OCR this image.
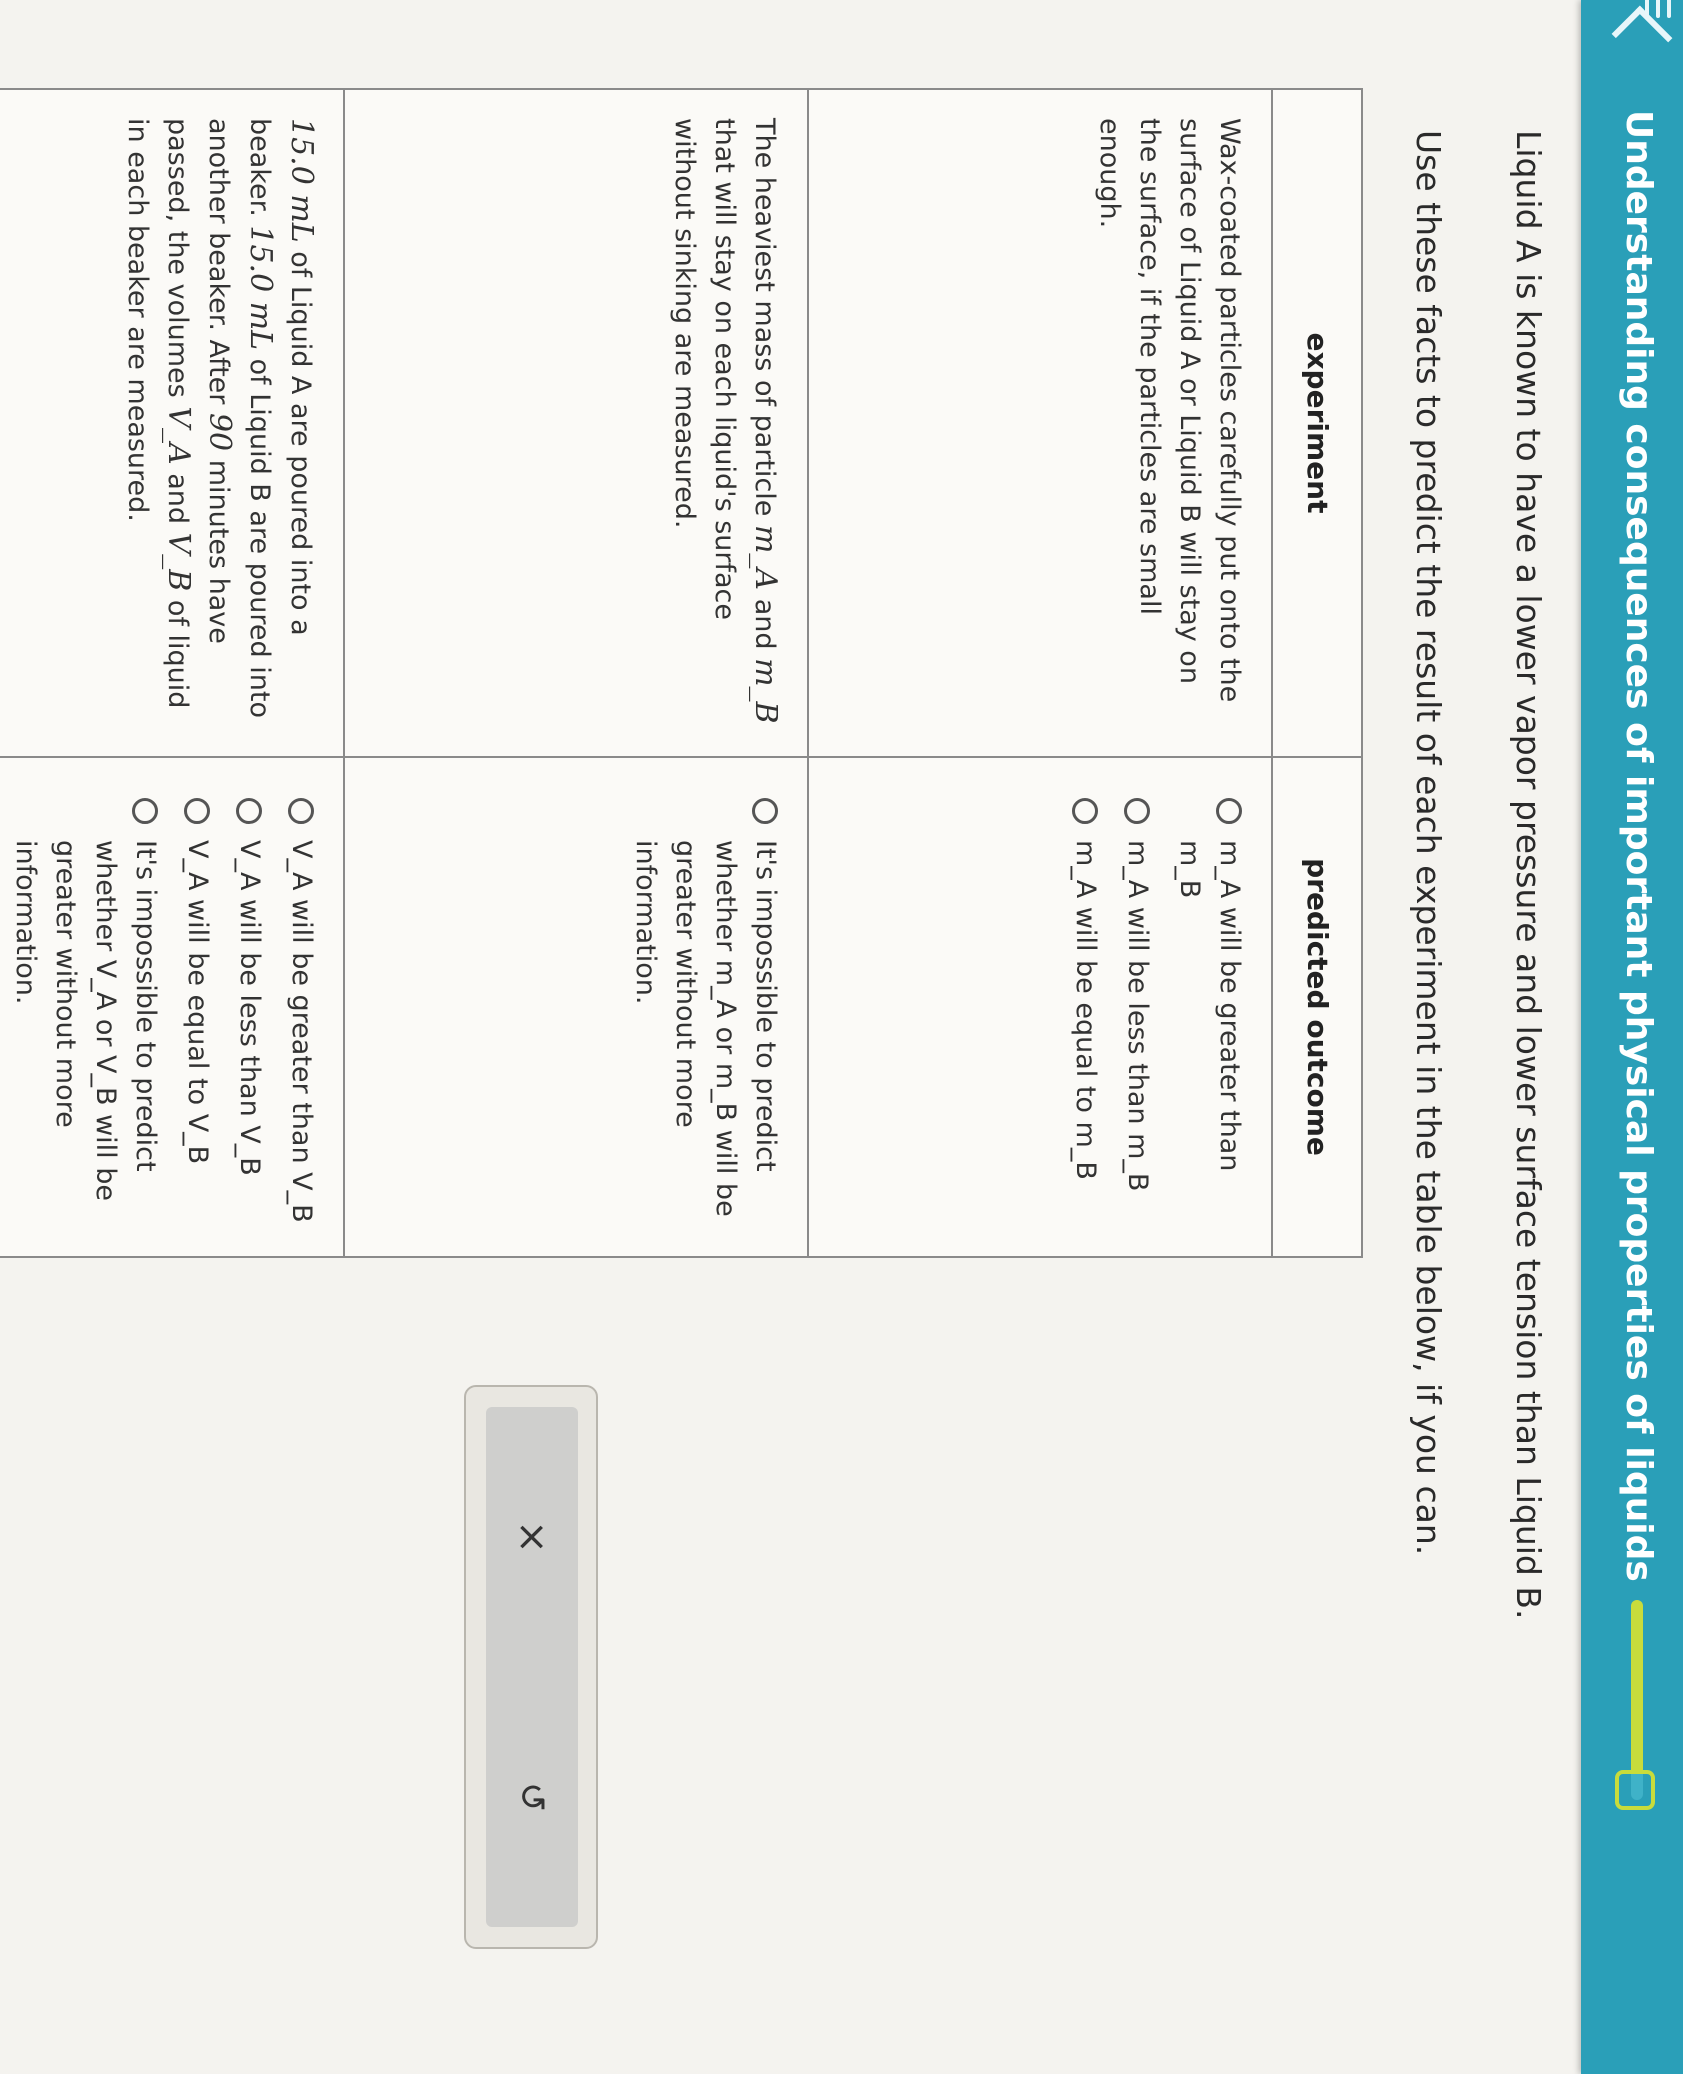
Understanding consequences of important physical properties of liquids
Liquid A is known to have a lower vapor pressure and lower surface tension than Liquid B.
Use these facts to predict the result of each experiment in the table below, if you can.
experiment	predicted outcome
Wax-coated particles carefully put onto the surface of Liquid A or Liquid B will stay on the surface, if the particles are small enough.	m_A will be greater than m_B
m_A will be less than m_B
m_A will be equal to m_B

The heaviest mass of particle m_A and m_B that will stay on each liquid's surface without sinking are measured.	It's impossible to predict whether m_A or m_B will be greater without more information.

15.0 mL of Liquid A are poured into a beaker. 15.0 mL of Liquid B are poured into another beaker. After 90 minutes have passed, the volumes V_A and V_B of liquid in each beaker are measured.	V_A will be greater than V_B
V_A will be less than V_B
V_A will be equal to V_B
It's impossible to predict whether V_A or V_B will be greater without more information.
×
↺
